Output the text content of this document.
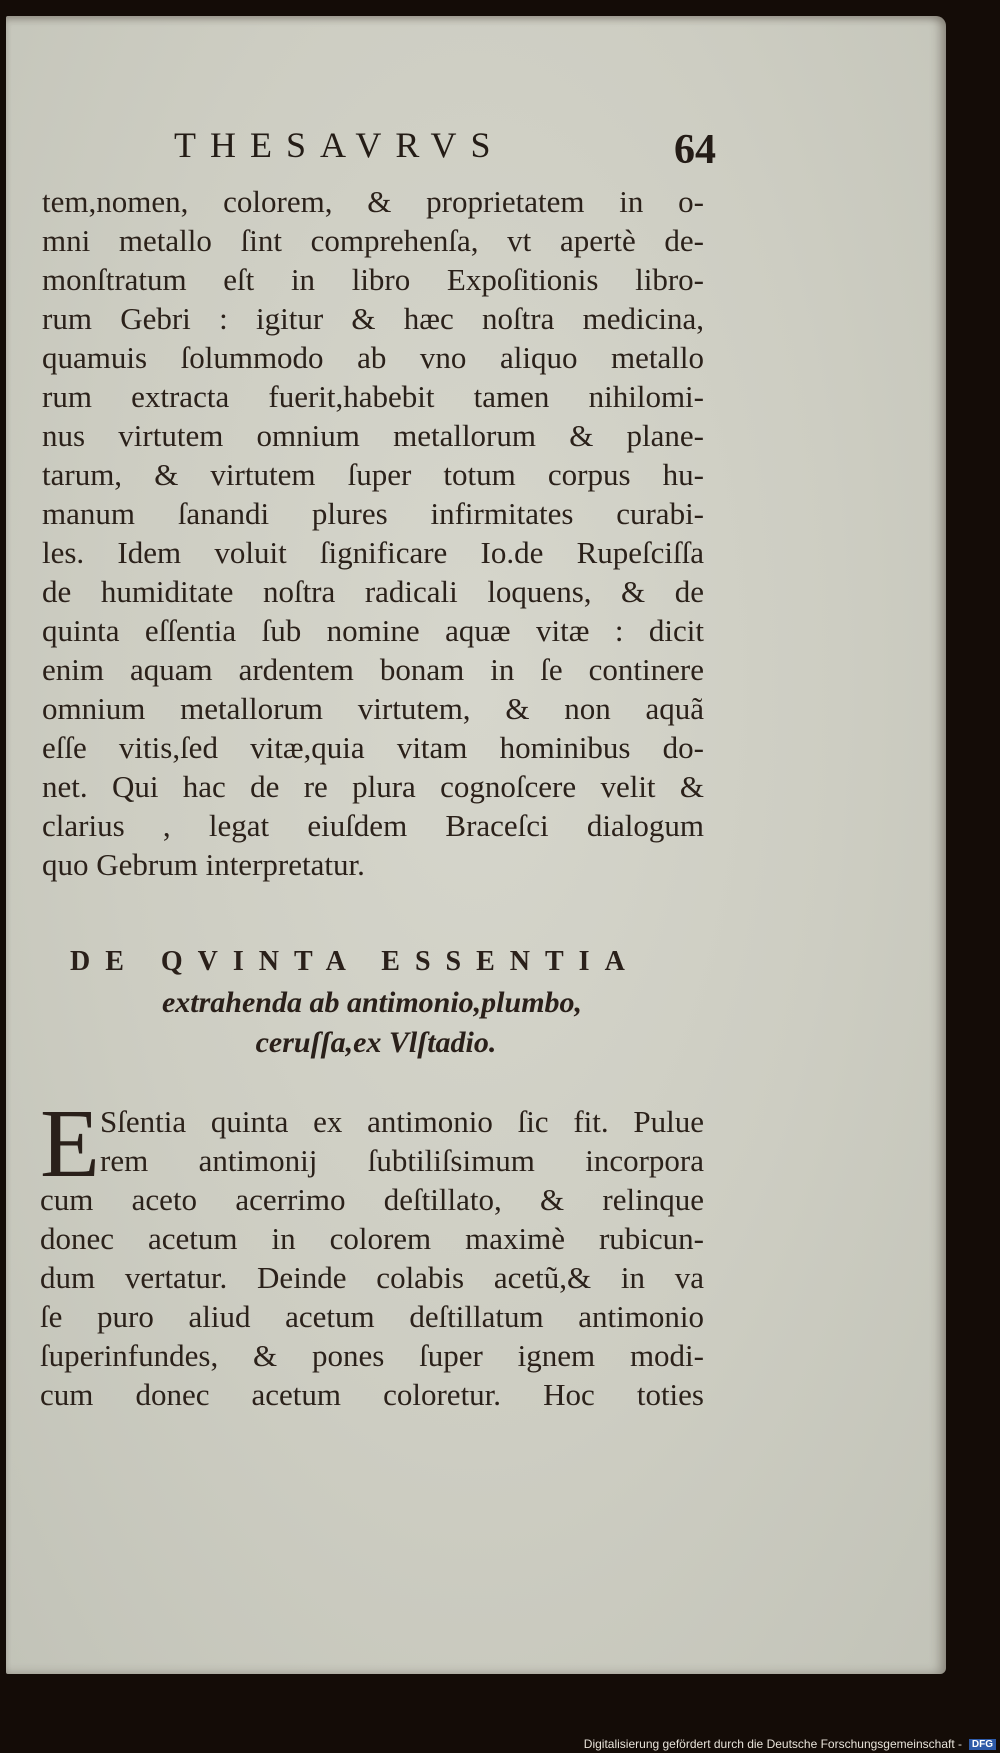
THESAVRVS	64
tem,nomen, colorem, & proprietatem in o-
mni metallo ſint comprehenſa, vt apertè de-
monſtratum eſt in libro Expoſitionis libro-
rum Gebri : igitur & hæc noſtra medicina,
quamuis ſolummodo ab vno aliquo metallo
rum extracta fuerit,habebit tamen nihilomi-
nus virtutem omnium metallorum & plane-
tarum, & virtutem ſuper totum corpus hu-
manum ſanandi plures infirmitates curabi-
les. Idem voluit ſignificare Io.de Rupeſciſſa
de humiditate noſtra radicali loquens, & de
quinta eſſentia ſub nomine aquæ vitæ : dicit
enim aquam ardentem bonam in ſe continere
omnium metallorum virtutem, & non aquã
eſſe vitis,ſed vitæ,quia vitam hominibus do-
net. Qui hac de re plura cognoſcere velit &
clarius , legat eiuſdem Braceſci dialogum
quo Gebrum interpretatur.
DE QVINTA ESSENTIA
extrahenda ab antimonio,plumbo,
ceruſſa,ex Vlſtadio.
E Sſentia quinta ex antimonio ſic fit. Pulue
rem antimonij ſubtiliſsimum incorpora
cum aceto acerrimo deſtillato, & relinque
donec acetum in colorem maximè rubicun-
dum vertatur. Deinde colabis acetũ,& in va
ſe puro aliud acetum deſtillatum antimonio
ſuperinfundes, & pones ſuper ignem modi-
cum donec acetum coloretur. Hoc toties
Digitalisierung gefördert durch die Deutsche Forschungsgemeinschaft - DFG
